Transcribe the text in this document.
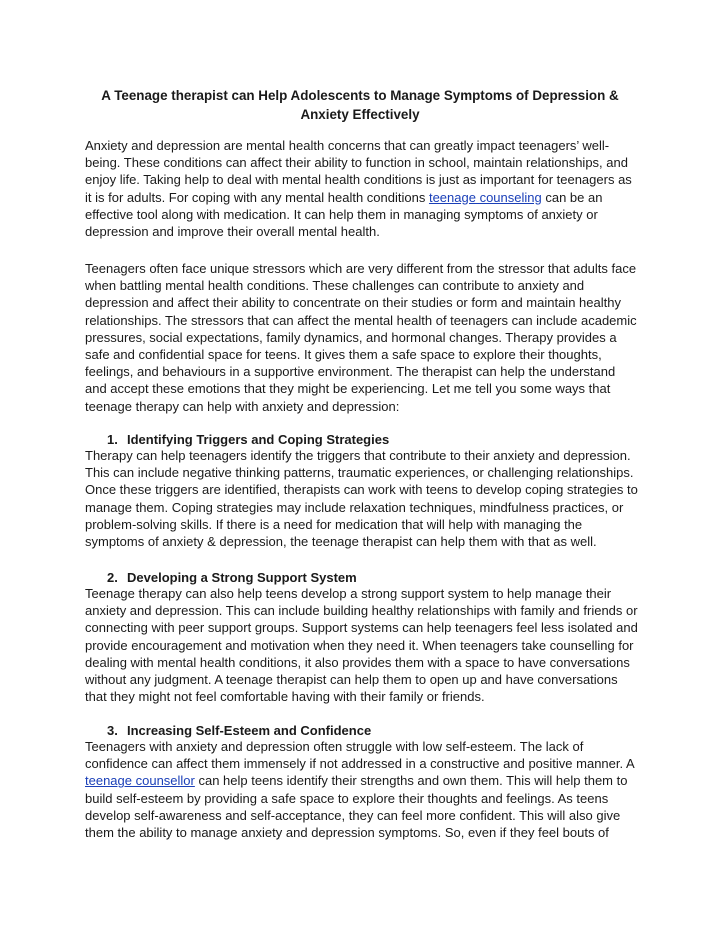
A Teenage therapist can Help Adolescents to Manage Symptoms of Depression &
Anxiety Effectively
Anxiety and depression are mental health concerns that can greatly impact teenagers’ well-
being. These conditions can affect their ability to function in school, maintain relationships, and
enjoy life. Taking help to deal with mental health conditions is just as important for teenagers as
it is for adults. For coping with any mental health conditions teenage counseling can be an
effective tool along with medication. It can help them in managing symptoms of anxiety or
depression and improve their overall mental health.
Teenagers often face unique stressors which are very different from the stressor that adults face
when battling mental health conditions. These challenges can contribute to anxiety and
depression and affect their ability to concentrate on their studies or form and maintain healthy
relationships. The stressors that can affect the mental health of teenagers can include academic
pressures, social expectations, family dynamics, and hormonal changes. Therapy provides a
safe and confidential space for teens. It gives them a safe space to explore their thoughts,
feelings, and behaviours in a supportive environment. The therapist can help the understand
and accept these emotions that they might be experiencing. Let me tell you some ways that
teenage therapy can help with anxiety and depression:
1. Identifying Triggers and Coping Strategies
Therapy can help teenagers identify the triggers that contribute to their anxiety and depression.
This can include negative thinking patterns, traumatic experiences, or challenging relationships.
Once these triggers are identified, therapists can work with teens to develop coping strategies to
manage them. Coping strategies may include relaxation techniques, mindfulness practices, or
problem-solving skills. If there is a need for medication that will help with managing the
symptoms of anxiety & depression, the teenage therapist can help them with that as well.
2. Developing a Strong Support System
Teenage therapy can also help teens develop a strong support system to help manage their
anxiety and depression. This can include building healthy relationships with family and friends or
connecting with peer support groups. Support systems can help teenagers feel less isolated and
provide encouragement and motivation when they need it. When teenagers take counselling for
dealing with mental health conditions, it also provides them with a space to have conversations
without any judgment. A teenage therapist can help them to open up and have conversations
that they might not feel comfortable having with their family or friends.
3. Increasing Self-Esteem and Confidence
Teenagers with anxiety and depression often struggle with low self-esteem. The lack of
confidence can affect them immensely if not addressed in a constructive and positive manner. A
teenage counsellor can help teens identify their strengths and own them. This will help them to
build self-esteem by providing a safe space to explore their thoughts and feelings. As teens
develop self-awareness and self-acceptance, they can feel more confident. This will also give
them the ability to manage anxiety and depression symptoms. So, even if they feel bouts of
